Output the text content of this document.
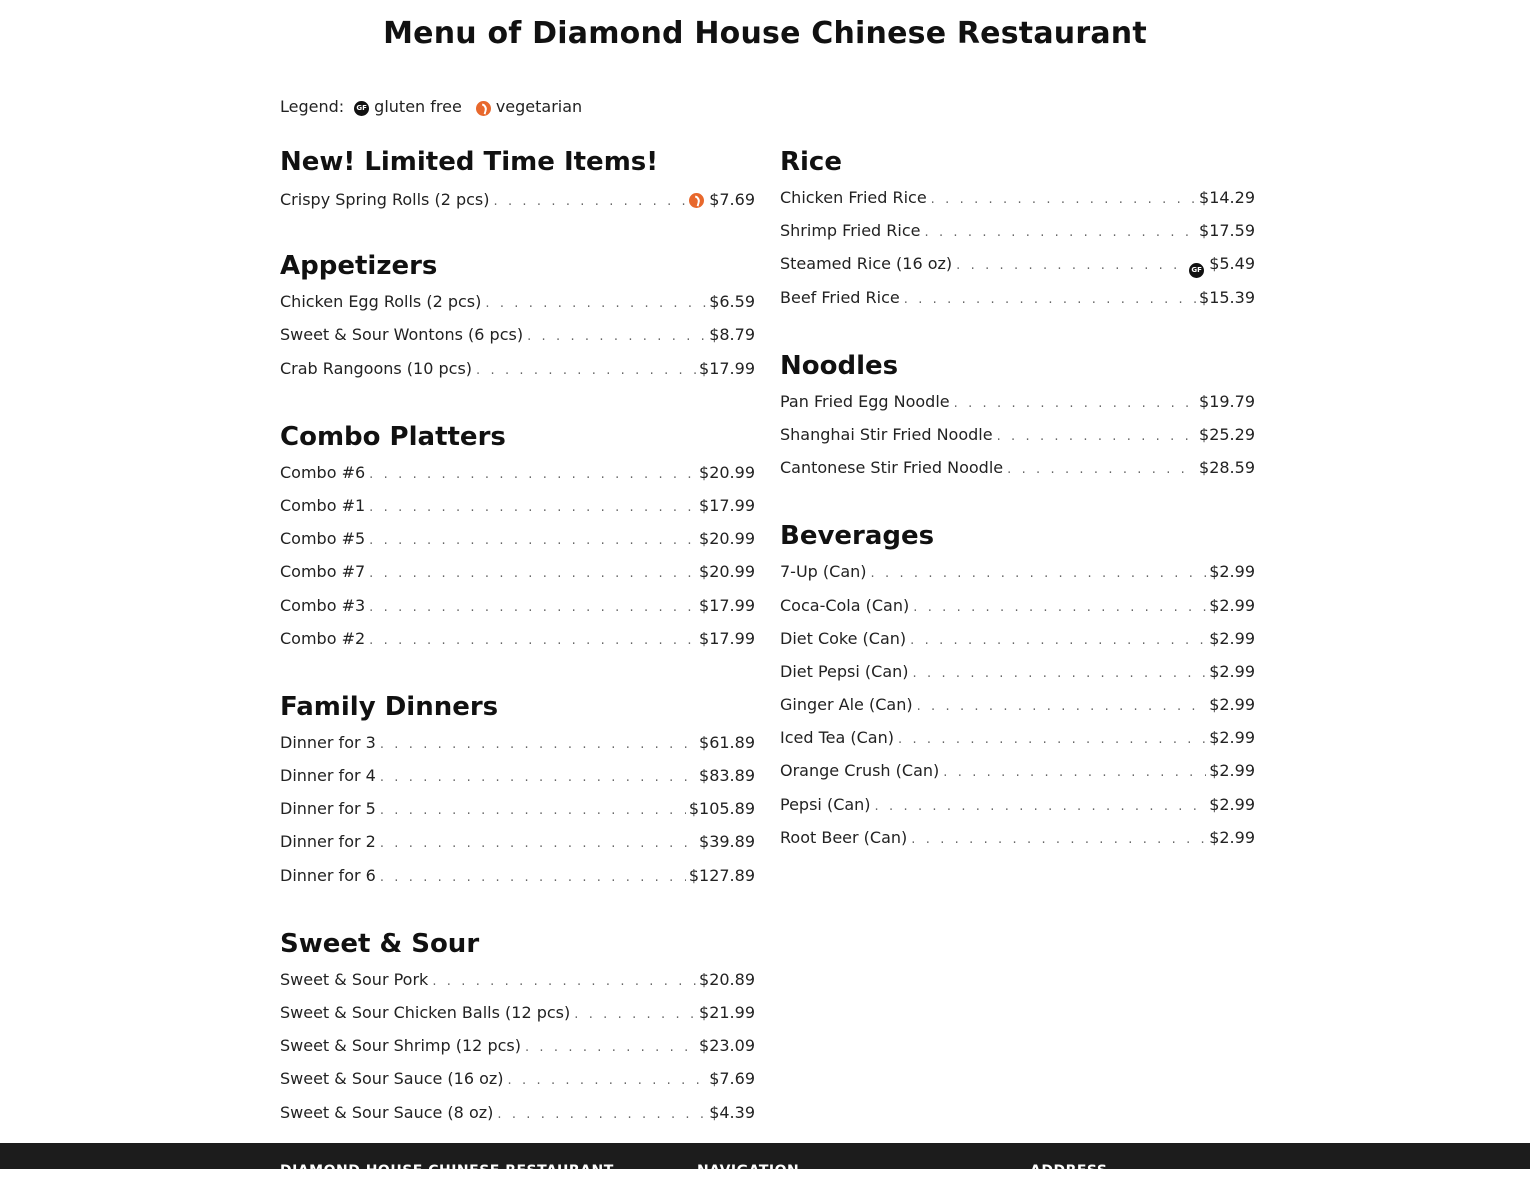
Menu of Diamond House Chinese Restaurant
Legend:	GF gluten free vegetarian
New! Limited Time Items!
Crispy Spring Rolls (2 pcs) . . .	$7.69
Appetizers
Chicken Egg Rolls (2 pcs) . . .	$6.59
Sweet & Sour Wontons (6 pcs) . . .	$8.79
Crab Rangoons (10 pcs) . . .	$17.99
Combo Platters
Combo #6 . . .	$20.99
Combo #1 . . .	$17.99
Combo #5 . . .	$20.99
Combo #7 . . .	$20.99
Combo #3 . . .	$17.99
Combo #2 . . .	$17.99
Family Dinners
Dinner for 3 . . .	$61.89
Dinner for 4 . . .	$83.89
Dinner for 5 . . .	$105.89
Dinner for 2 . . .	$39.89
Dinner for 6 . . .	$127.89
Sweet & Sour
Sweet & Sour Pork . . .	$20.89
Sweet & Sour Chicken Balls (12 pcs) . . .	$21.99
Sweet & Sour Shrimp (12 pcs) . . .	$23.09
Sweet & Sour Sauce (16 oz) . . .	$7.69
Sweet & Sour Sauce (8 oz) . . .	$4.39
Rice
Chicken Fried Rice . . .	$14.29
Shrimp Fried Rice . . .	$17.59
Steamed Rice (16 oz) . . .	GF $5.49
Beef Fried Rice . . .	$15.39
Noodles
Pan Fried Egg Noodle . . .	$19.79
Shanghai Stir Fried Noodle . . .	$25.29
Cantonese Stir Fried Noodle . . .	$28.59
Beverages
7-Up (Can) . . .	$2.99
Coca-Cola (Can) . . .	$2.99
Diet Coke (Can) . . .	$2.99
Diet Pepsi (Can) . . .	$2.99
Ginger Ale (Can) . . .	$2.99
Iced Tea (Can) . . .	$2.99
Orange Crush (Can) . . .	$2.99
Pepsi (Can) . . .	$2.99
Root Beer (Can) . . .	$2.99
DIAMOND HOUSE CHINESE RESTAURANT	NAVIGATION	ADDRESS
